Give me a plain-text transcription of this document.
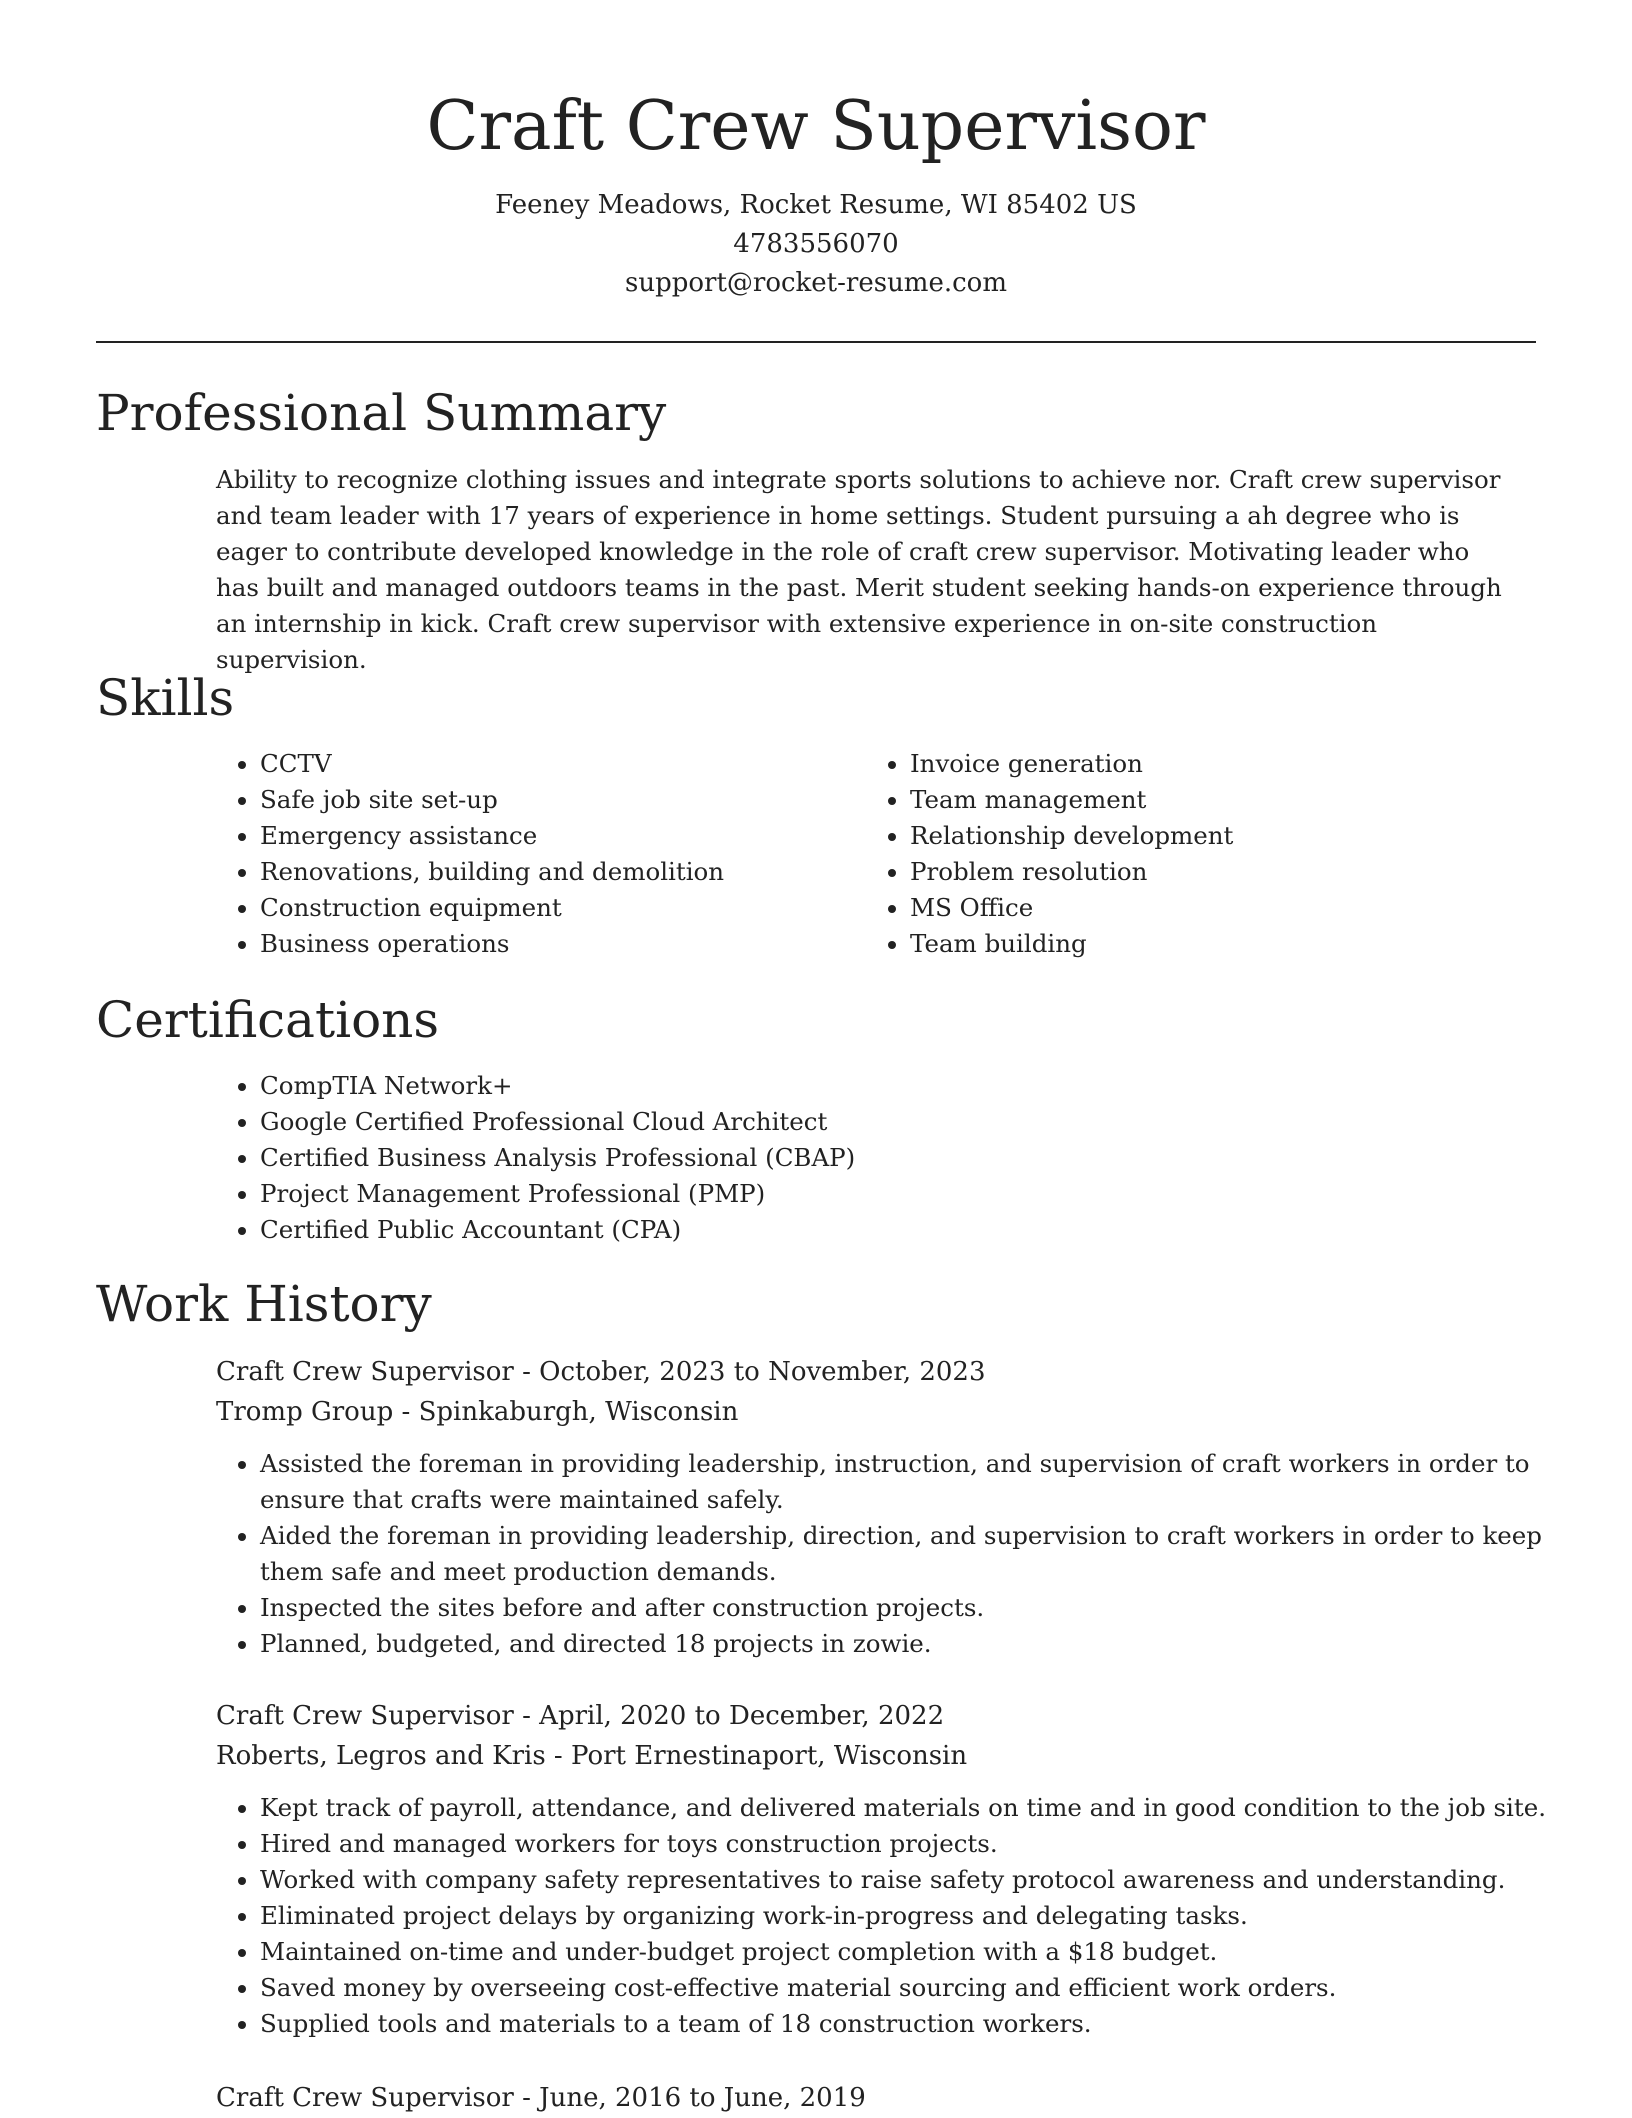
Craft Crew Supervisor

Feeney Meadows, Rocket Resume, WI 85402 US

4783556070

support@rocket-resume.com

Professional Summary

Ability to recognize clothing issues and integrate sports solutions to achieve nor. Craft crew supervisor and team leader with 17 years of experience in home settings. Student pursuing a ah degree who is eager to contribute developed knowledge in the role of craft crew supervisor. Motivating leader who has built and managed outdoors teams in the past. Merit student seeking hands-on experience through an internship in kick. Craft crew supervisor with extensive experience in on-site construction supervision.

Skills
• CCTV
• Safe job site set-up
• Emergency assistance
• Renovations, building and demolition
• Construction equipment
• Business operations
• Invoice generation
• Team management
• Relationship development
• Problem resolution
• MS Office
• Team building
Certifications
• CompTIA Network+
• Google Certified Professional Cloud Architect
• Certified Business Analysis Professional (CBAP)
• Project Management Professional (PMP)
• Certified Public Accountant (CPA)
Work History

Craft Crew Supervisor - October, 2023 to November, 2023

Tromp Group - Spinkaburgh, Wisconsin

• Assisted the foreman in providing leadership, instruction, and supervision of craft workers in order to ensure that crafts were maintained safely.
• Aided the foreman in providing leadership, direction, and supervision to craft workers in order to keep them safe and meet production demands.
• Inspected the sites before and after construction projects.
• Planned, budgeted, and directed 18 projects in zowie.

Craft Crew Supervisor - April, 2020 to December, 2022

Roberts, Legros and Kris - Port Ernestinaport, Wisconsin

• Kept track of payroll, attendance, and delivered materials on time and in good condition to the job site.
• Hired and managed workers for toys construction projects.
• Worked with company safety representatives to raise safety protocol awareness and understanding.
• Eliminated project delays by organizing work-in-progress and delegating tasks.
• Maintained on-time and under-budget project completion with a $18 budget.
• Saved money by overseeing cost-effective material sourcing and efficient work orders.
• Supplied tools and materials to a team of 18 construction workers.

Craft Crew Supervisor - June, 2016 to June, 2019
